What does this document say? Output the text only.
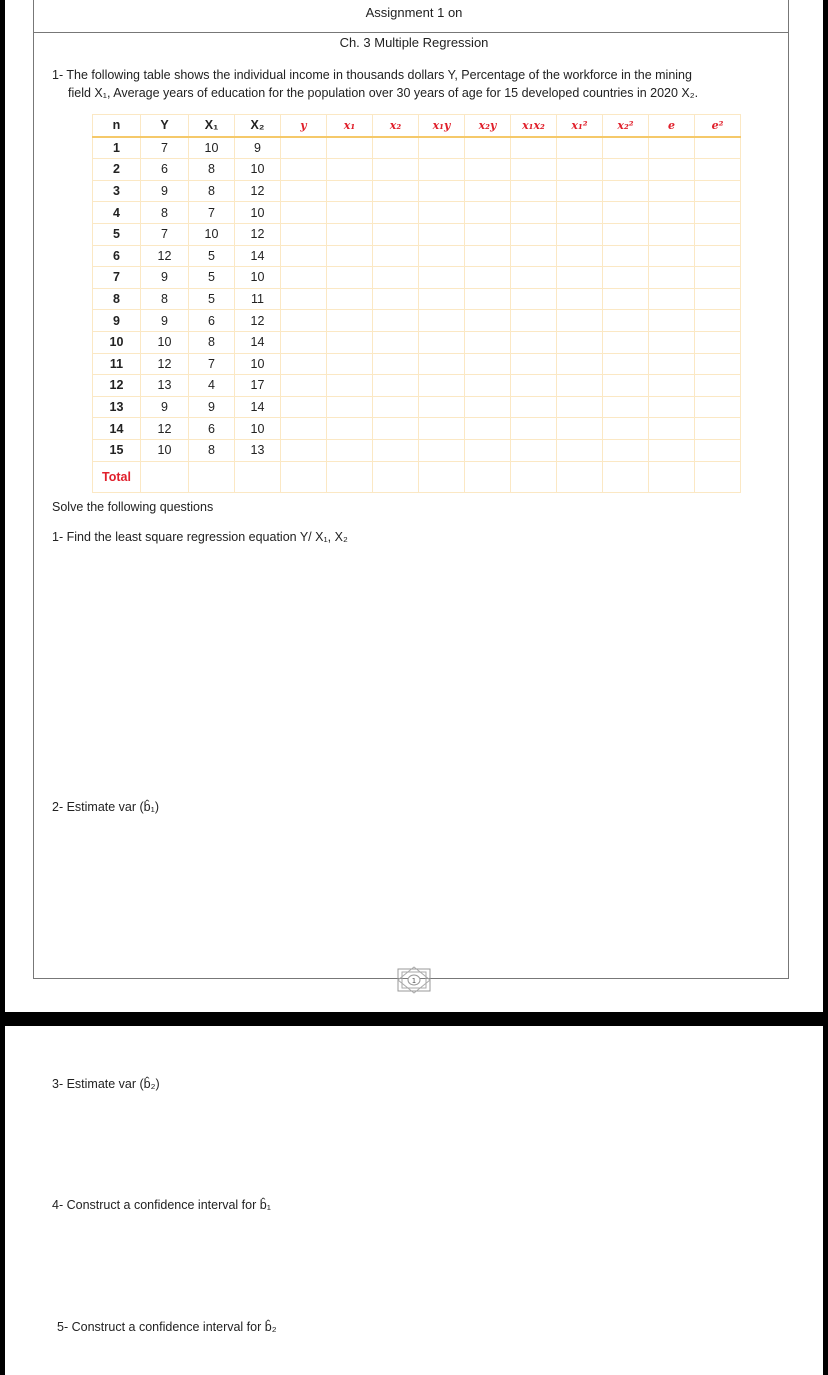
Assignment 1 on
Ch. 3 Multiple Regression
1- The following table shows the individual income in thousands dollars Y, Percentage of the workforce in the mining
field X₁, Average years of education for the population over 30 years of age for 15 developed countries in 2020 X₂.
n	Y	X₁	X₂	y	x₁	x₂	x₁y	x₂y	x₁x₂	x₁²	x₂²	e	e²
1	7	10	9										
2	6	8	10										
3	9	8	12										
4	8	7	10										
5	7	10	12										
6	12	5	14										
7	9	5	10										
8	8	5	11										
9	9	6	12										
10	10	8	14										
11	12	7	10										
12	13	4	17										
13	9	9	14										
14	12	6	10										
15	10	8	13										
Total													
Solve the following questions
1- Find the least square regression equation Y/ X₁, X₂
2- Estimate var (b̂₁)
1
3- Estimate var (b̂₂)
4- Construct a confidence interval for b̂₁
5- Construct a confidence interval for b̂₂
